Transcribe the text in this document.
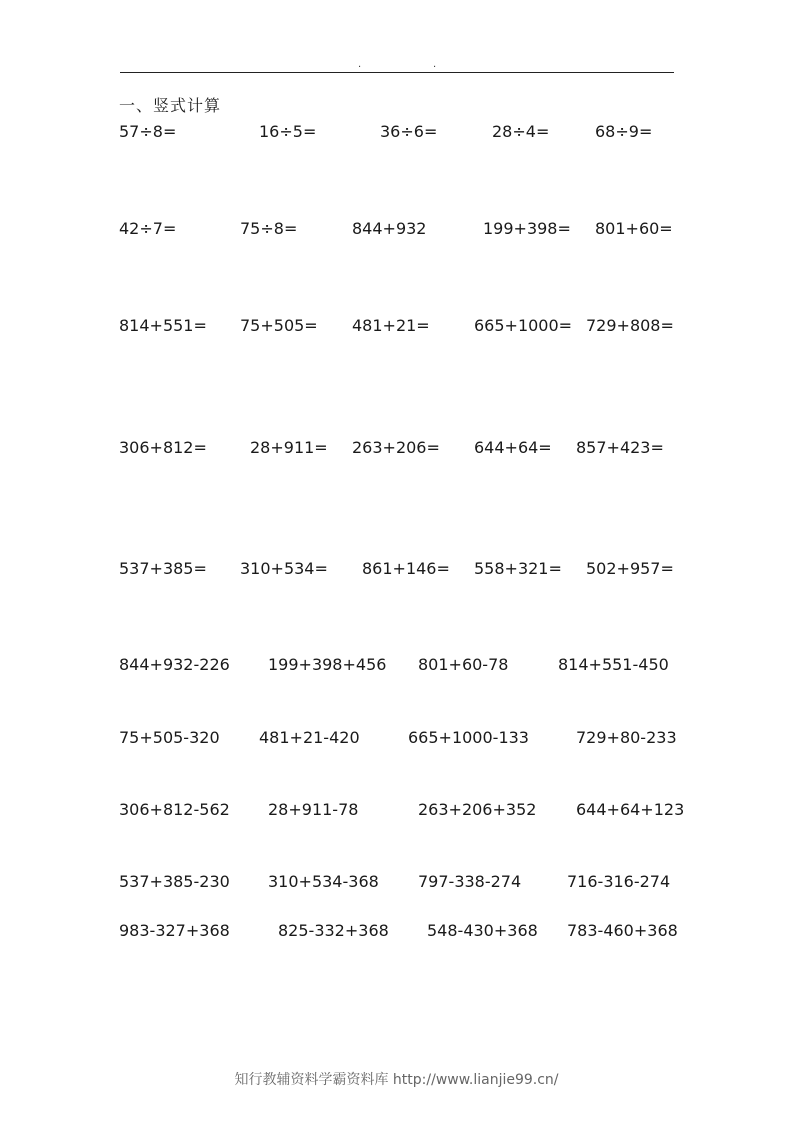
.	.
一、竖式计算
57÷8=	16÷5=	36÷6=	28÷4=	68÷9=
42÷7=	75÷8=	844+932	199+398= 801+60=
814+551= 75+505= 481+21=	665+1000= 729+808=
306+812=	28+911= 263+206= 644+64= 857+423=
537+385= 310+534= 861+146= 558+321= 502+957=
844+932-226 199+398+456 801+60-78	814+551-450
75+505-320 481+21-420	665+1000-133	729+80-233
306+812-562 28+911-78	263+206+352 644+64+123
537+385-230 310+534-368 797-338-274	716-316-274
983-327+368	825-332+368 548-430+368 783-460+368
知行教辅资料学霸资料库 http://www.lianjie99.cn/
